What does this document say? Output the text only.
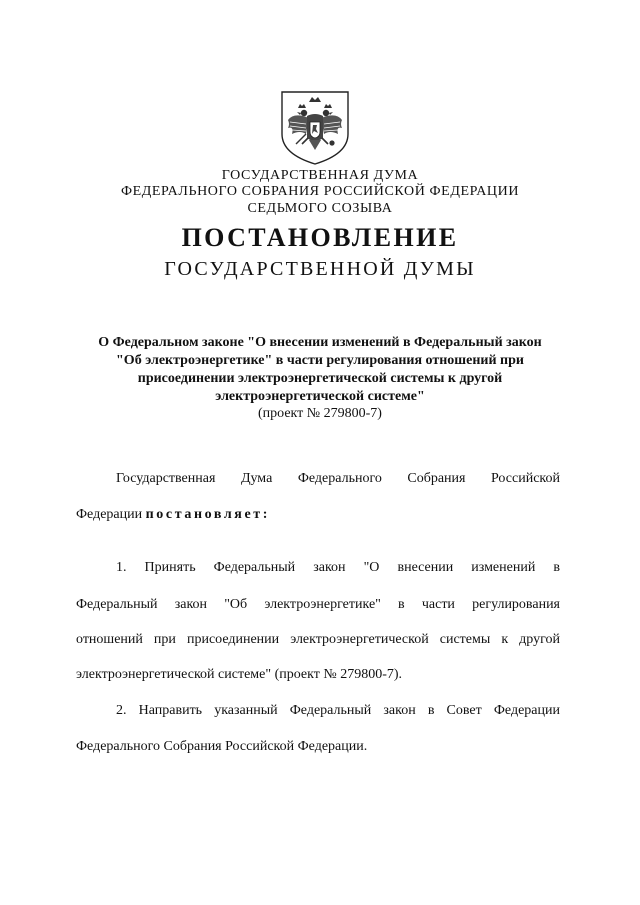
ГОСУДАРСТВЕННАЯ ДУМА
ФЕДЕРАЛЬНОГО СОБРАНИЯ РОССИЙСКОЙ ФЕДЕРАЦИИ
СЕДЬМОГО СОЗЫВА
ПОСТАНОВЛЕНИЕ
ГОСУДАРСТВЕННОЙ ДУМЫ
О Федеральном законе "О внесении изменений в Федеральный закон
"Об электроэнергетике" в части регулирования отношений при
присоединении электроэнергетической системы к другой
электроэнергетической системе"
(проект № 279800-7)
Государственная Дума Федерального Собрания Российской
Федерации постановляет:
1. Принять Федеральный закон "О внесении изменений в
Федеральный закон "Об электроэнергетике" в части регулирования
отношений при присоединении электроэнергетической системы к другой
электроэнергетической системе" (проект № 279800-7).
2. Направить указанный Федеральный закон в Совет Федерации
Федерального Собрания Российской Федерации.
